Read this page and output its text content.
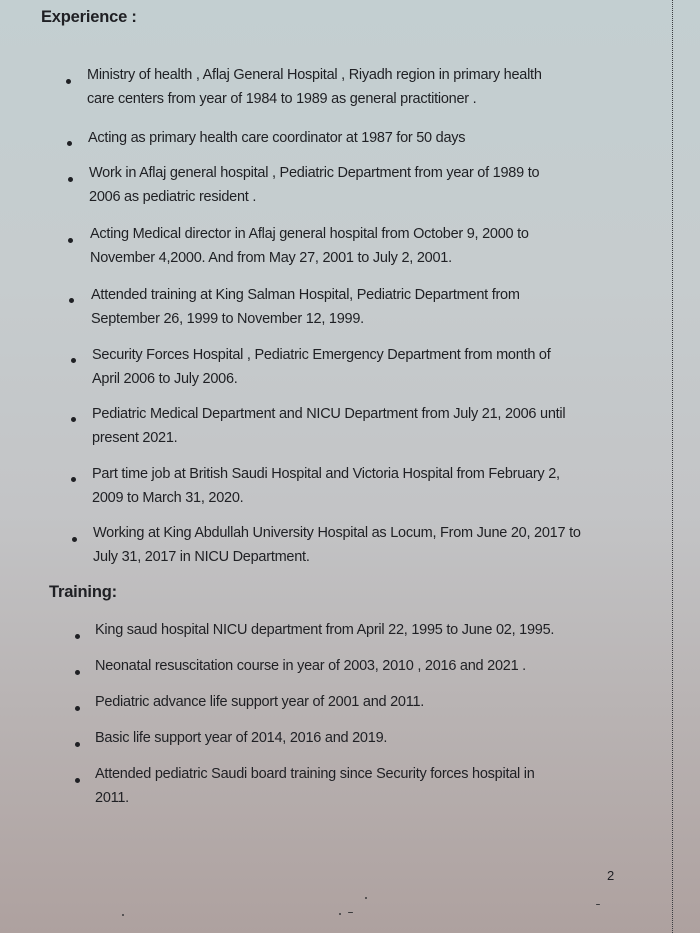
Experience :
Ministry of health , Aflaj General Hospital , Riyadh region in primary health
care centers from year of 1984 to 1989 as general practitioner .
Acting as primary health care coordinator at 1987 for 50 days
Work in Aflaj general hospital , Pediatric Department from year of 1989 to
2006 as pediatric resident .
Acting Medical director in Aflaj general hospital from October 9, 2000 to
November 4,2000. And from May 27, 2001 to July 2, 2001.
Attended training at King Salman Hospital, Pediatric Department from
September 26, 1999 to November 12, 1999.
Security Forces Hospital , Pediatric Emergency Department from month of
April 2006 to July 2006.
Pediatric Medical Department and NICU Department from July 21, 2006 until
present 2021.
Part time job at British Saudi Hospital and Victoria Hospital from February 2,
2009 to March 31, 2020.
Working at King Abdullah University Hospital as Locum, From June 20, 2017 to
July 31, 2017 in NICU Department.
Training:
King saud hospital NICU department from April 22, 1995 to June 02, 1995.
Neonatal resuscitation course in year of 2003, 2010 , 2016 and 2021 .
Pediatric advance life support year of 2001 and 2011.
Basic life support year of 2014, 2016 and 2019.
Attended pediatric Saudi board training since Security forces hospital in
2011.
2
